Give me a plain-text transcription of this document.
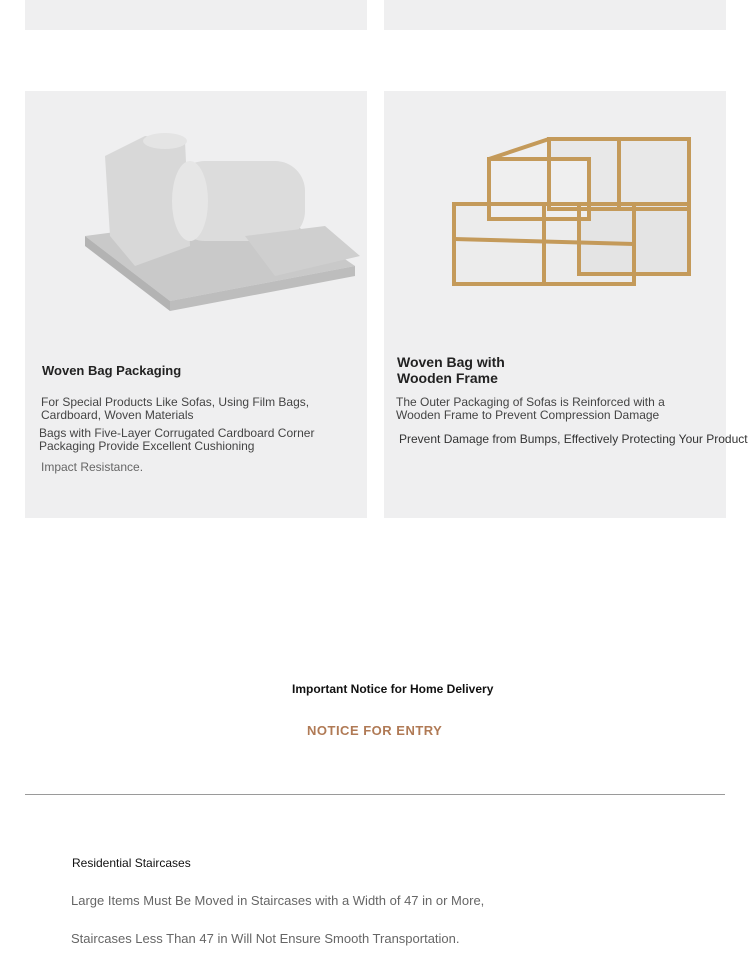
Woven Bag Packaging

For Special Products Like Sofas, Using Film Bags, Cardboard, Woven Materials

Bags with Five-Layer Corrugated Cardboard Corner Packaging Provide Excellent Cushioning

Impact Resistance.

Woven Bag with Wooden Frame

The Outer Packaging of Sofas is Reinforced with a Wooden Frame to Prevent Compression Damage

Prevent Damage from Bumps, Effectively Protecting Your Product

Important Notice for Home Delivery

NOTICE FOR ENTRY

Residential Staircases

Large Items Must Be Moved in Staircases with a Width of 47 in or More,

Staircases Less Than 47 in Will Not Ensure Smooth Transportation.
